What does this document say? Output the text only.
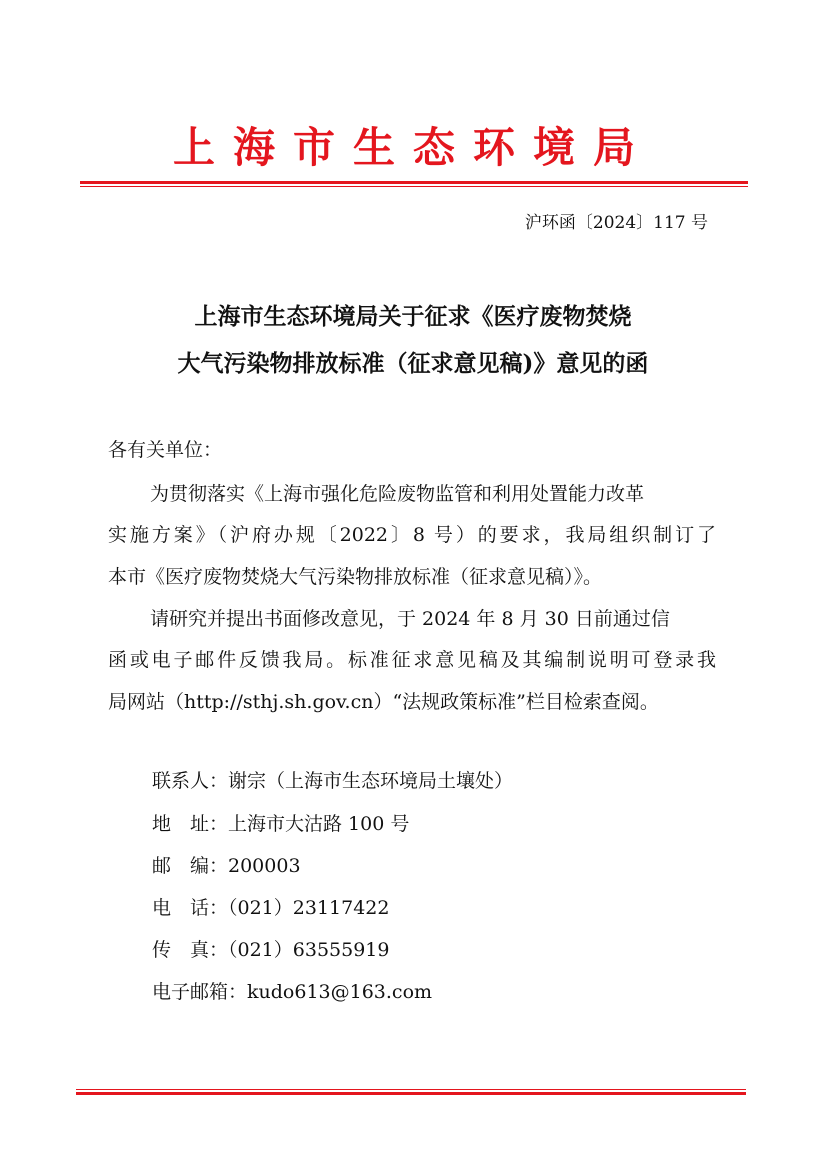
上海市生态环境局
沪环函〔2024〕117 号
上海市生态环境局关于征求《医疗废物焚烧
大气污染物排放标准（征求意见稿)》意见的函
各有关单位：
为贯彻落实《上海市强化危险废物监管和利用处置能力改革
实施方案》（沪府办规〔2022〕8 号）的要求，我局组织制订了
本市《医疗废物焚烧大气污染物排放标准（征求意见稿）》。
请研究并提出书面修改意见，于 2024 年 8 月 30 日前通过信
函或电子邮件反馈我局。标准征求意见稿及其编制说明可登录我
局网站（http://sthj.sh.gov.cn）“法规政策标准”栏目检索查阅。
联系人：谢宗（上海市生态环境局土壤处）
地　址：上海市大沽路 100 号
邮　编：200003
电　话：（021）23117422
传　真：（021）63555919
电子邮箱：kudo613@163.com
